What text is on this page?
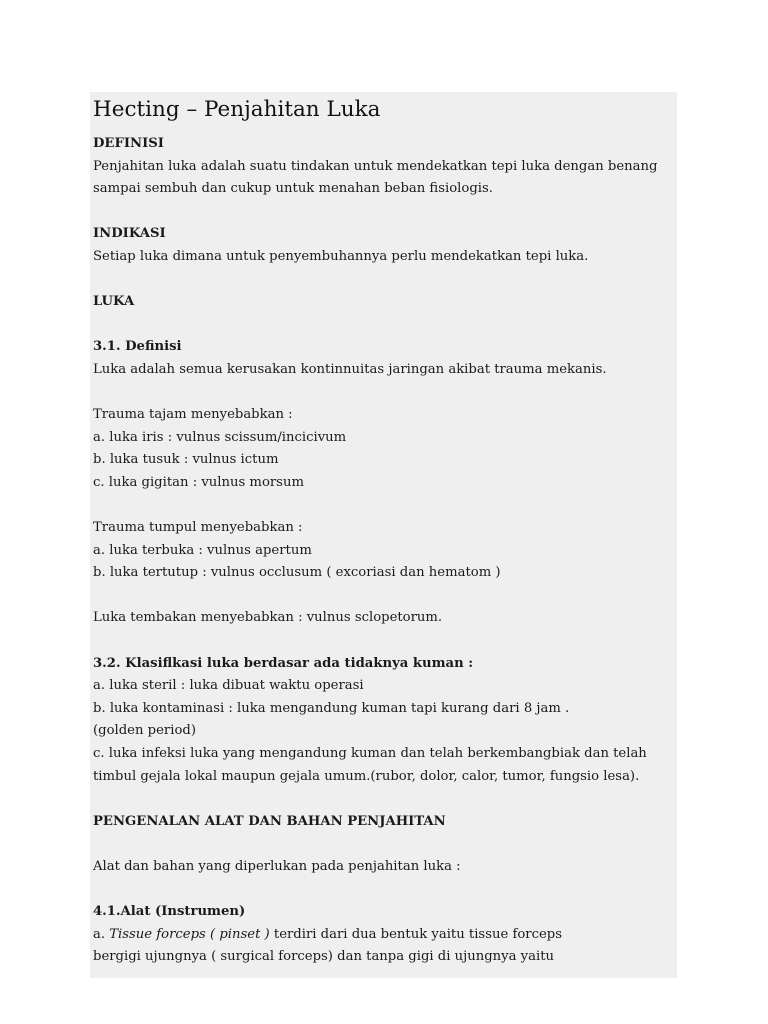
Hecting – Penjahitan Luka

DEFINISI

Penjahitan luka adalah suatu tindakan untuk mendekatkan tepi luka dengan benang

sampai sembuh dan cukup untuk menahan beban fisiologis.

INDIKASI

Setiap luka dimana untuk penyembuhannya perlu mendekatkan tepi luka.

LUKA

3.1. Definisi

Luka adalah semua kerusakan kontinnuitas jaringan akibat trauma mekanis.

Trauma tajam menyebabkan :

a. luka iris : vulnus scissum/incicivum

b. luka tusuk : vulnus ictum

c. luka gigitan : vulnus morsum

Trauma tumpul menyebabkan :

a. luka terbuka : vulnus apertum

b. luka tertutup : vulnus occlusum ( excoriasi dan hematom )

Luka tembakan menyebabkan : vulnus sclopetorum.

3.2. Klasiflkasi luka berdasar ada tidaknya kuman :

a. luka steril : luka dibuat waktu operasi

b. luka kontaminasi : luka mengandung kuman tapi kurang dari 8 jam .

(golden period)

c. luka infeksi luka yang mengandung kuman dan telah berkembangbiak dan telah

timbul gejala lokal maupun gejala umum.(rubor, dolor, calor, tumor, fungsio lesa).

PENGENALAN ALAT DAN BAHAN PENJAHITAN

Alat dan bahan yang diperlukan pada penjahitan luka :

4.1.Alat (Instrumen)

a. Tissue forceps ( pinset ) terdiri dari dua bentuk yaitu tissue forceps

bergigi ujungnya ( surgical forceps) dan tanpa gigi di ujungnya yaitu
